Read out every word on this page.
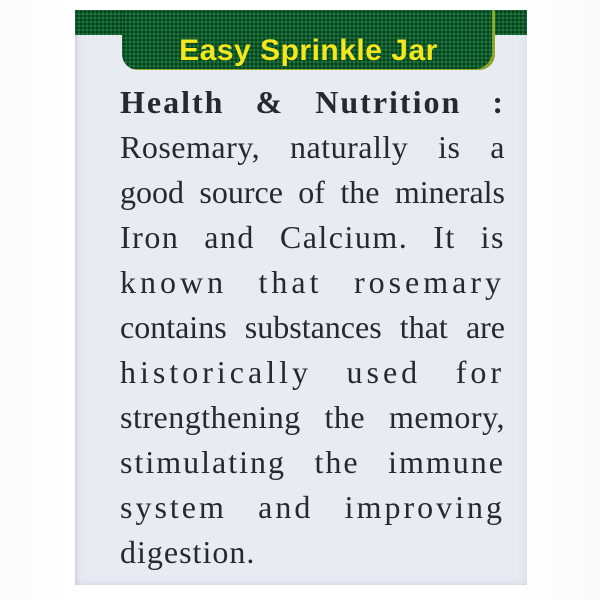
Easy Sprinkle Jar
Health & Nutrition :
Rosemary, naturally is a
good source of the minerals
Iron and Calcium. It is
known that rosemary
contains substances that are
historically used for
strengthening the memory,
stimulating the immune
system and improving
digestion.
